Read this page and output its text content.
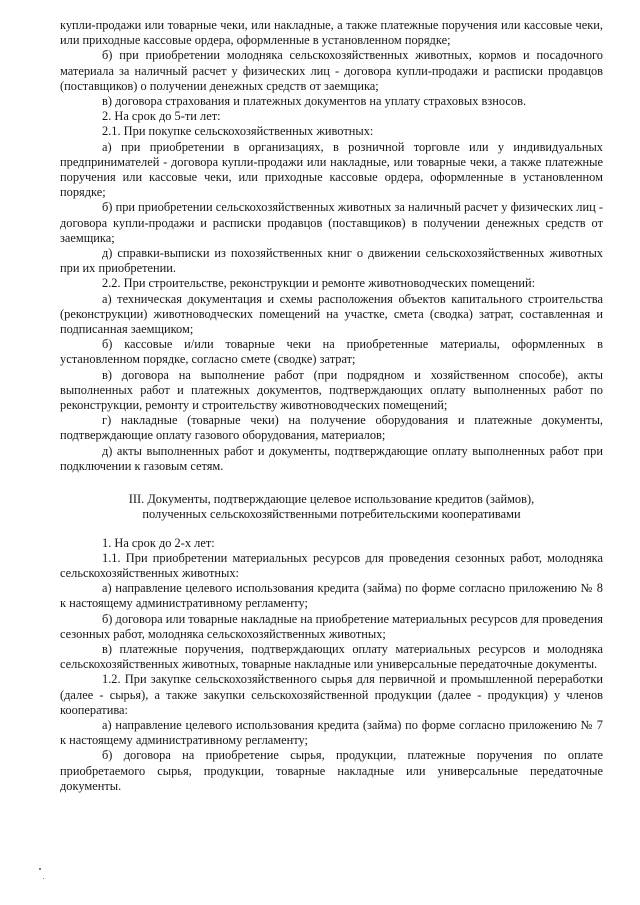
купли-продажи или товарные чеки, или накладные, а также платежные поручения или кассовые чеки, или приходные кассовые ордера, оформленные в установленном порядке;

б) при приобретении молодняка сельскохозяйственных животных, кормов и посадочного материала за наличный расчет у физических лиц - договора купли-продажи и расписки продавцов (поставщиков) о получении денежных средств от заемщика;

в) договора страхования и платежных документов на уплату страховых взносов.

2. На срок до 5-ти лет:

2.1. При покупке сельскохозяйственных животных:

а) при приобретении в организациях, в розничной торговле или у индивидуальных предпринимателей - договора купли-продажи или накладные, или товарные чеки, а также платежные поручения или кассовые чеки, или приходные кассовые ордера, оформленные в установленном порядке;

б) при приобретении сельскохозяйственных животных за наличный расчет у физических лиц - договора купли-продажи и расписки продавцов (поставщиков) в получении денежных средств от заемщика;

д) справки-выписки из похозяйственных книг о движении сельскохозяйственных животных при их приобретении.

2.2. При строительстве, реконструкции и ремонте животноводческих помещений:

а) техническая документация и схемы расположения объектов капитального строительства (реконструкции) животноводческих помещений на участке, смета (сводка) затрат, составленная и подписанная заемщиком;

б) кассовые и/или товарные чеки на приобретенные материалы, оформленных в установленном порядке, согласно смете (сводке) затрат;

в) договора на выполнение работ (при подрядном и хозяйственном способе), акты выполненных работ и платежных документов, подтверждающих оплату выполненных работ по реконструкции, ремонту и строительству животноводческих помещений;

г) накладные (товарные чеки) на получение оборудования и платежные документы, подтверждающие оплату газового оборудования, материалов;

д) акты выполненных работ и документы, подтверждающие оплату выполненных работ при подключении к газовым сетям.

III. Документы, подтверждающие целевое использование кредитов (займов),

полученных сельскохозяйственными потребительскими кооперативами

1. На срок до 2-х лет:

1.1. При приобретении материальных ресурсов для проведения сезонных работ, молодняка сельскохозяйственных животных:

а) направление целевого использования кредита (займа) по форме согласно приложению № 8 к настоящему административному регламенту;

б) договора или товарные накладные на приобретение материальных ресурсов для проведения сезонных работ, молодняка сельскохозяйственных животных;

в) платежные поручения, подтверждающих оплату материальных ресурсов и молодняка сельскохозяйственных животных, товарные накладные или универсальные передаточные документы.

1.2. При закупке сельскохозяйственного сырья для первичной и промышленной переработки (далее - сырья), а также закупки сельскохозяйственной продукции (далее - продукция) у членов кооператива:

а) направление целевого использования кредита (займа) по форме согласно приложению № 7 к настоящему административному регламенту;

б) договора на приобретение сырья, продукции, платежные поручения по оплате приобретаемого сырья, продукции, товарные накладные или универсальные передаточные документы.
